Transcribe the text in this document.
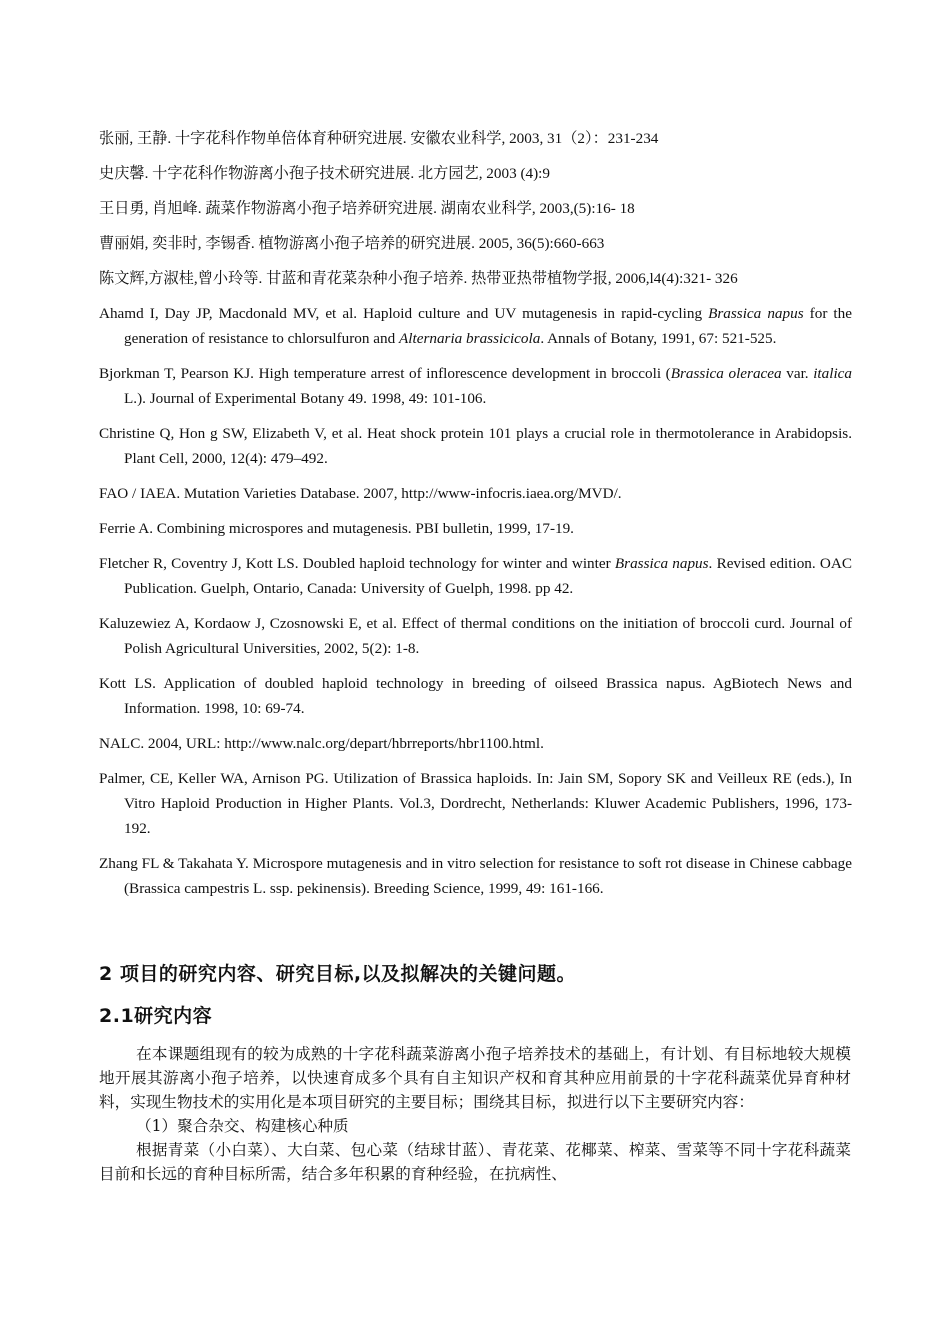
张丽, 王静. 十字花科作物单倍体育种研究进展. 安徽农业科学, 2003, 31（2）：231-234

史庆馨. 十字花科作物游离小孢子技术研究进展. 北方园艺, 2003 (4):9

王日勇, 肖旭峰. 蔬菜作物游离小孢子培养研究进展. 湖南农业科学, 2003,(5):16- 18

曹丽娟, 奕非时, 李锡香. 植物游离小孢子培养的研究进展. 2005, 36(5):660-663

陈文辉,方淑桂,曾小玲等. 甘蓝和青花菜杂种小孢子培养. 热带亚热带植物学报, 2006,l4(4):321- 326

Ahamd I, Day JP, Macdonald MV, et al. Haploid culture and UV mutagenesis in rapid-cycling Brassica napus for the generation of resistance to chlorsulfuron and Alternaria brassicicola. Annals of Botany, 1991, 67: 521-525.

Bjorkman T, Pearson KJ. High temperature arrest of inflorescence development in broccoli (Brassica oleracea var. italica L.). Journal of Experimental Botany 49. 1998, 49: 101-106.

Christine Q, Hon g SW, Elizabeth V, et al. Heat shock protein 101 plays a crucial role in thermotolerance in Arabidopsis. Plant Cell, 2000, 12(4): 479–492.

FAO / IAEA. Mutation Varieties Database. 2007, http://www-infocris.iaea.org/MVD/.

Ferrie A. Combining microspores and mutagenesis. PBI bulletin, 1999, 17-19.

Fletcher R, Coventry J, Kott LS. Doubled haploid technology for winter and winter Brassica napus. Revised edition. OAC Publication. Guelph, Ontario, Canada: University of Guelph, 1998. pp 42.

Kaluzewiez A, Kordaow J, Czosnowski E, et al. Effect of thermal conditions on the initiation of broccoli curd. Journal of Polish Agricultural Universities, 2002, 5(2): 1-8.

Kott LS. Application of doubled haploid technology in breeding of oilseed Brassica napus. AgBiotech News and Information. 1998, 10: 69-74.

NALC. 2004, URL: http://www.nalc.org/depart/hbrreports/hbr1100.html.

Palmer, CE, Keller WA, Arnison PG. Utilization of Brassica haploids. In: Jain SM, Sopory SK and Veilleux RE (eds.), In Vitro Haploid Production in Higher Plants. Vol.3, Dordrecht, Netherlands: Kluwer Academic Publishers, 1996, 173-192.

Zhang FL & Takahata Y. Microspore mutagenesis and in vitro selection for resistance to soft rot disease in Chinese cabbage (Brassica campestris L. ssp. pekinensis). Breeding Science, 1999, 49: 161-166.

2 项目的研究内容、研究目标,以及拟解决的关键问题。

2.1研究内容

在本课题组现有的较为成熟的十字花科蔬菜游离小孢子培养技术的基础上，有计划、有目标地较大规模地开展其游离小孢子培养，以快速育成多个具有自主知识产权和育其种应用前景的十字花科蔬菜优异育种材料，实现生物技术的实用化是本项目研究的主要目标；围绕其目标，拟进行以下主要研究内容：

（1）聚合杂交、构建核心种质

根据青菜（小白菜）、大白菜、包心菜（结球甘蓝）、青花菜、花椰菜、榨菜、雪菜等不同十字花科蔬菜目前和长远的育种目标所需，结合多年积累的育种经验，在抗病性、
